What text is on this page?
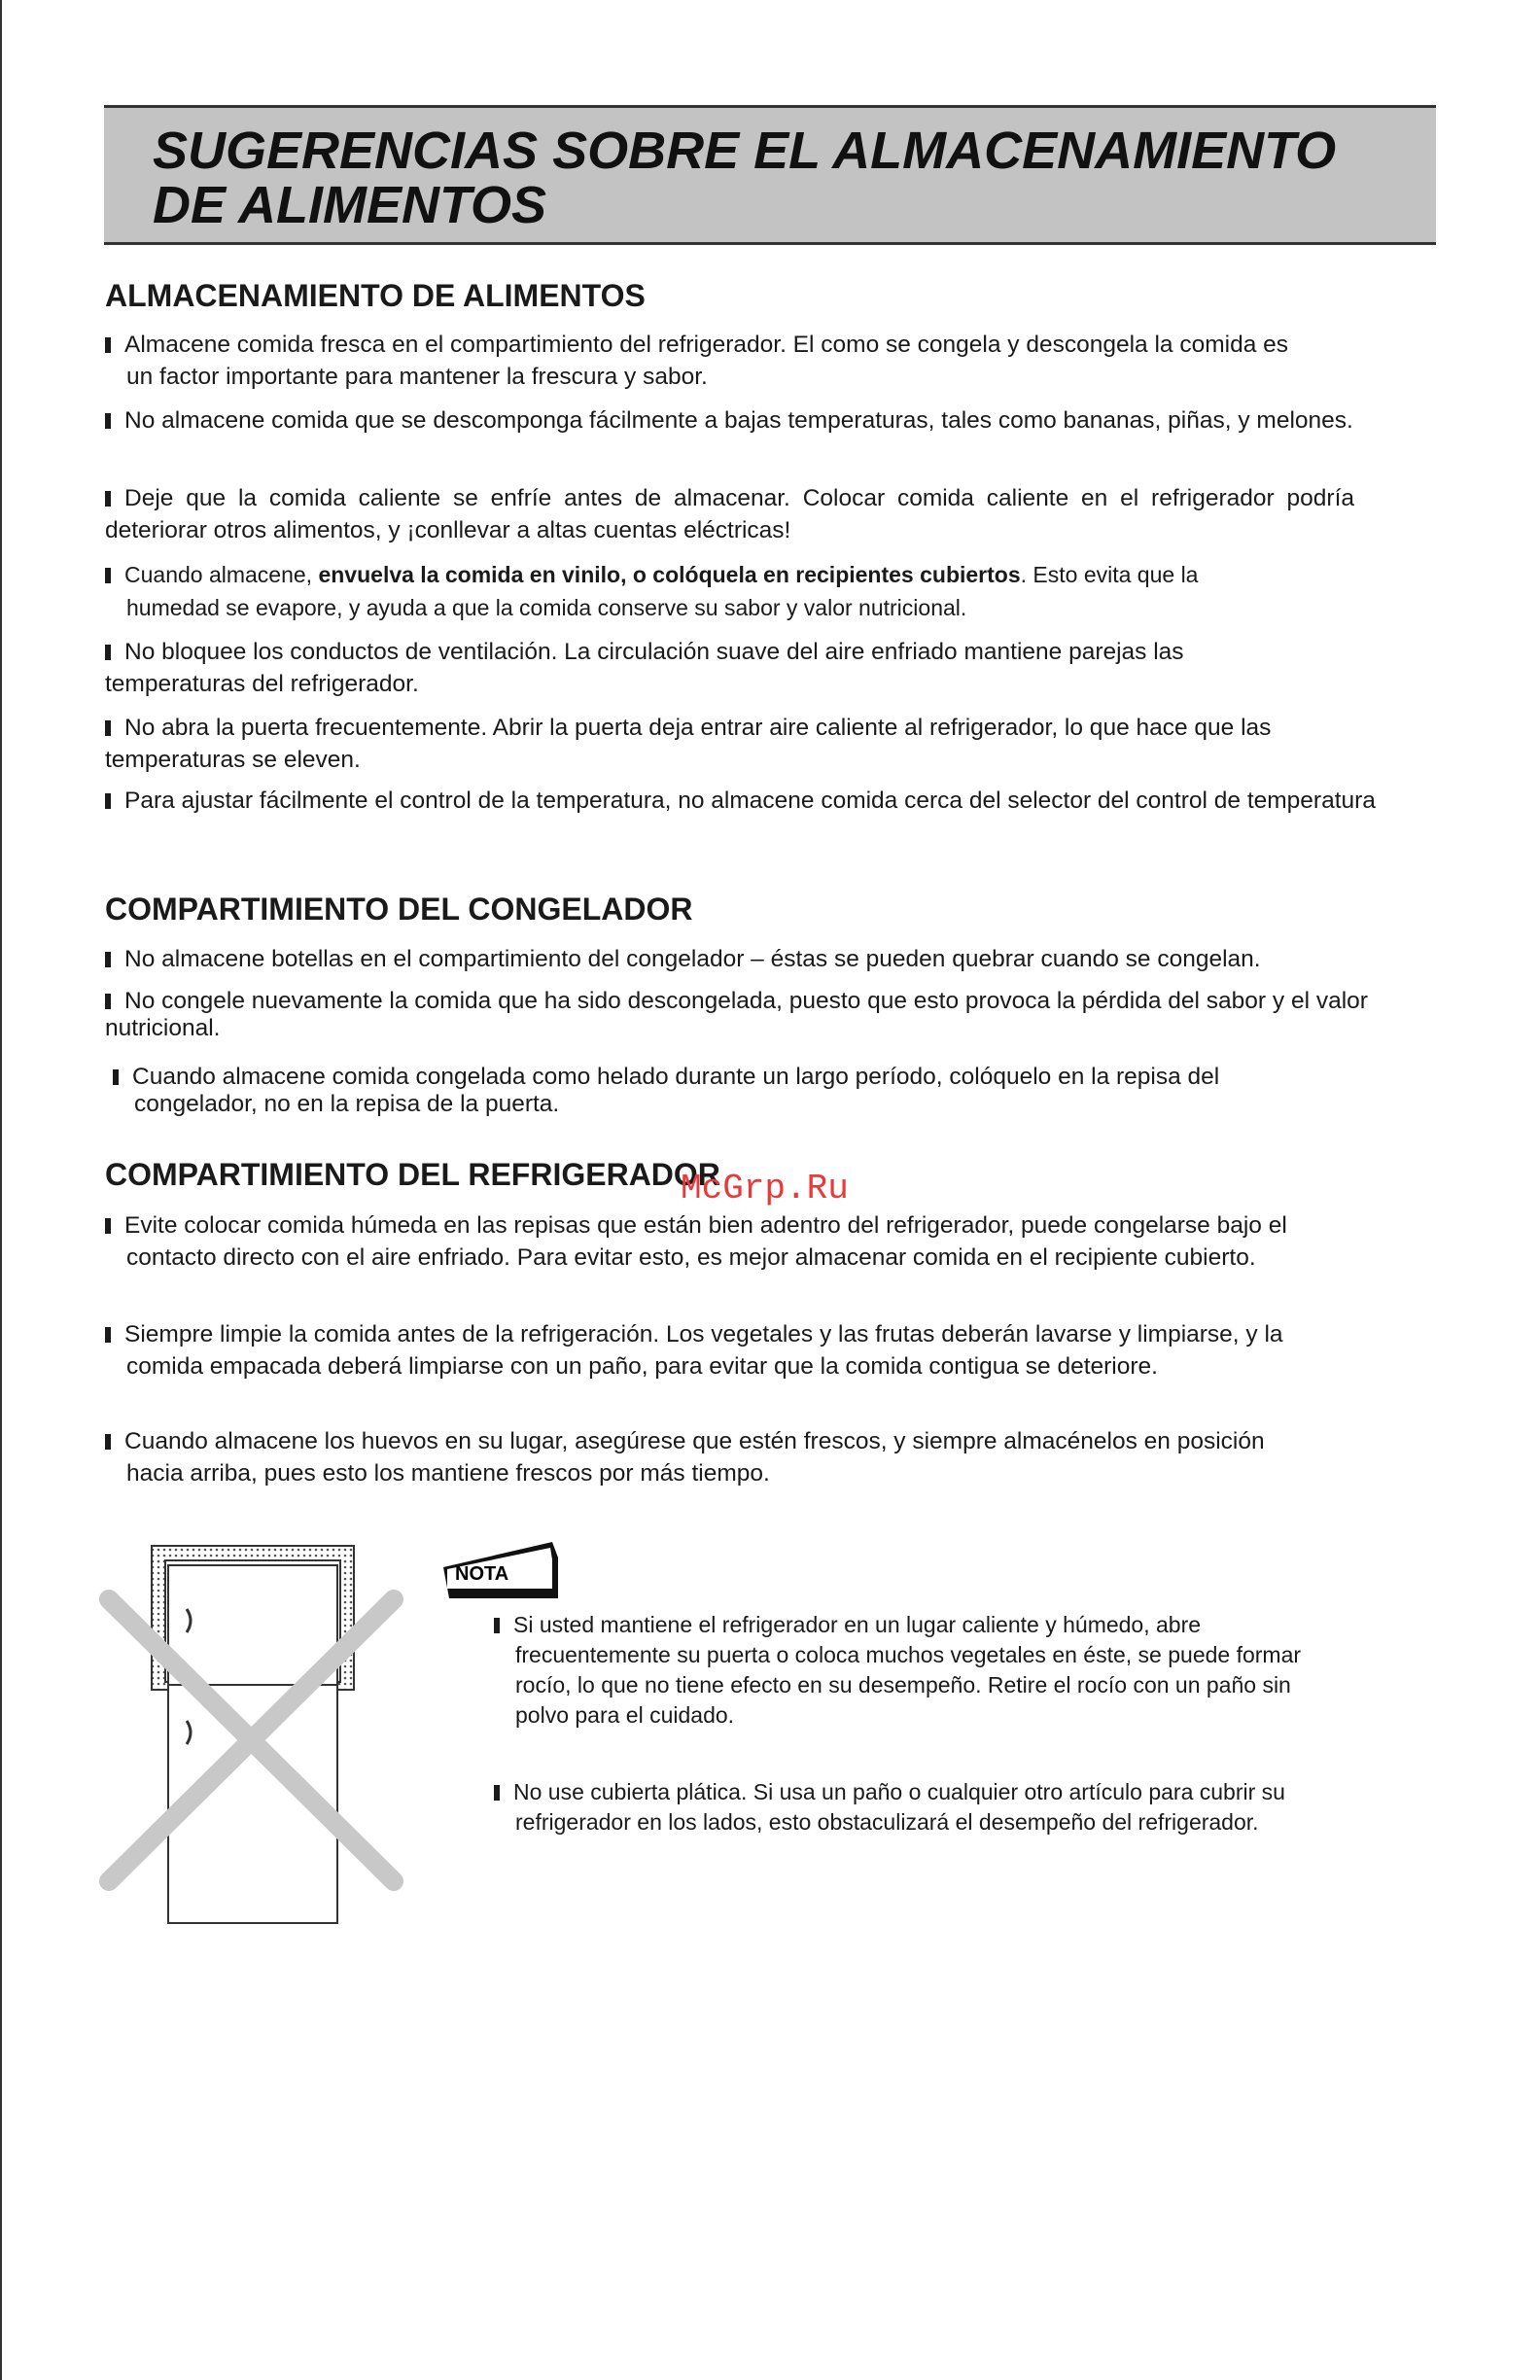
SUGERENCIAS SOBRE EL ALMACENAMIENTO
DE ALIMENTOS
ALMACENAMIENTO DE ALIMENTOS

Almacene comida fresca en el compartimiento del refrigerador. El como se congela y descongela la comida es un factor importante para mantener la frescura y sabor.

No almacene comida que se descomponga fácilmente a bajas temperaturas, tales como bananas, piñas, y melones.

Deje que la comida caliente se enfríe antes de almacenar. Colocar comida caliente en el refrigerador podría deteriorar otros alimentos, y ¡conllevar a altas cuentas eléctricas!

Cuando almacene, envuelva la comida en vinilo, o colóquela en recipientes cubiertos. Esto evita que la humedad se evapore, y ayuda a que la comida conserve su sabor y valor nutricional.

No bloquee los conductos de ventilación. La circulación suave del aire enfriado mantiene parejas las temperaturas del refrigerador.

No abra la puerta frecuentemente. Abrir la puerta deja entrar aire caliente al refrigerador, lo que hace que las temperaturas se eleven.

Para ajustar fácilmente el control de la temperatura, no almacene comida cerca del selector del control de temperatura

COMPARTIMIENTO DEL CONGELADOR

No almacene botellas en el compartimiento del congelador – éstas se pueden quebrar cuando se congelan.

No congele nuevamente la comida que ha sido descongelada, puesto que esto provoca la pérdida del sabor y el valor nutricional.

Cuando almacene comida congelada como helado durante un largo período, colóquelo en la repisa del congelador, no en la repisa de la puerta.

COMPARTIMIENTO DEL REFRIGERADOR
McGrp.Ru

Evite colocar comida húmeda en las repisas que están bien adentro del refrigerador, puede congelarse bajo el contacto directo con el aire enfriado. Para evitar esto, es mejor almacenar comida en el recipiente cubierto.

Siempre limpie la comida antes de la refrigeración. Los vegetales y las frutas deberán lavarse y limpiarse, y la comida empacada deberá limpiarse con un paño, para evitar que la comida contigua se deteriore.

Cuando almacene los huevos en su lugar, asegúrese que estén frescos, y siempre almacénelos en posición hacia arriba, pues esto los mantiene frescos por más tiempo.

NOTA

Si usted mantiene el refrigerador en un lugar caliente y húmedo, abre frecuentemente su puerta o coloca muchos vegetales en éste, se puede formar rocío, lo que no tiene efecto en su desempeño. Retire el rocío con un paño sin polvo para el cuidado.

No use cubierta plática. Si usa un paño o cualquier otro artículo para cubrir su refrigerador en los lados, esto obstaculizará el desempeño del refrigerador.
